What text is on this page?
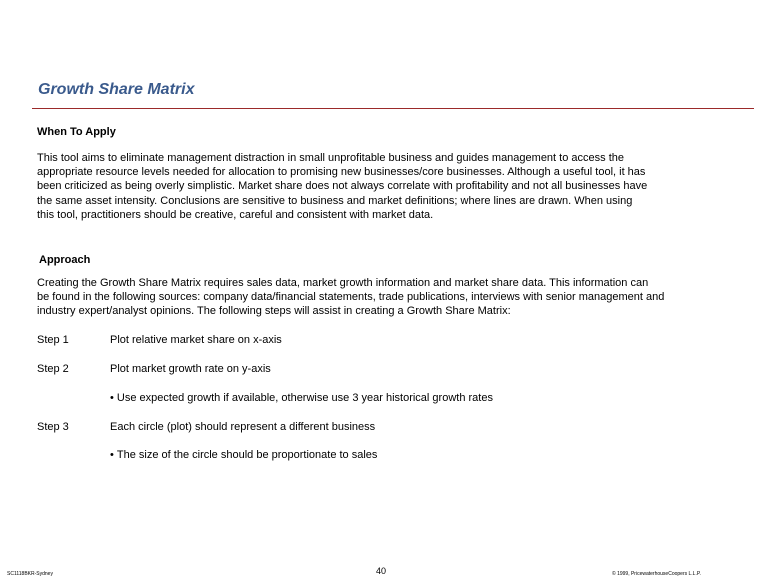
Growth Share Matrix
When To Apply
This tool aims to eliminate management distraction in small unprofitable business and guides management to access the
appropriate resource levels needed for allocation to promising new businesses/core businesses. Although a useful tool, it has
been criticized as being overly simplistic. Market share does not always correlate with profitability and not all businesses have
the same asset intensity. Conclusions are sensitive to business and market definitions; where lines are drawn. When using
this tool, practitioners should be creative, careful and consistent with market data.
Approach
Creating the Growth Share Matrix requires sales data, market growth information and market share data. This information can
be found in the following sources: company data/financial statements, trade publications, interviews with senior management and
industry expert/analyst opinions. The following steps will assist in creating a Growth Share Matrix:
Step 1	Plot relative market share on x-axis
Step 2	Plot market growth rate on y-axis
• Use expected growth if available, otherwise use 3 year historical growth rates
Step 3	Each circle (plot) should represent a different business
• The size of the circle should be proportionate to sales
SC1118BKR-Sydney	40	© 1999, PricewaterhouseCoopers L.L.P.
